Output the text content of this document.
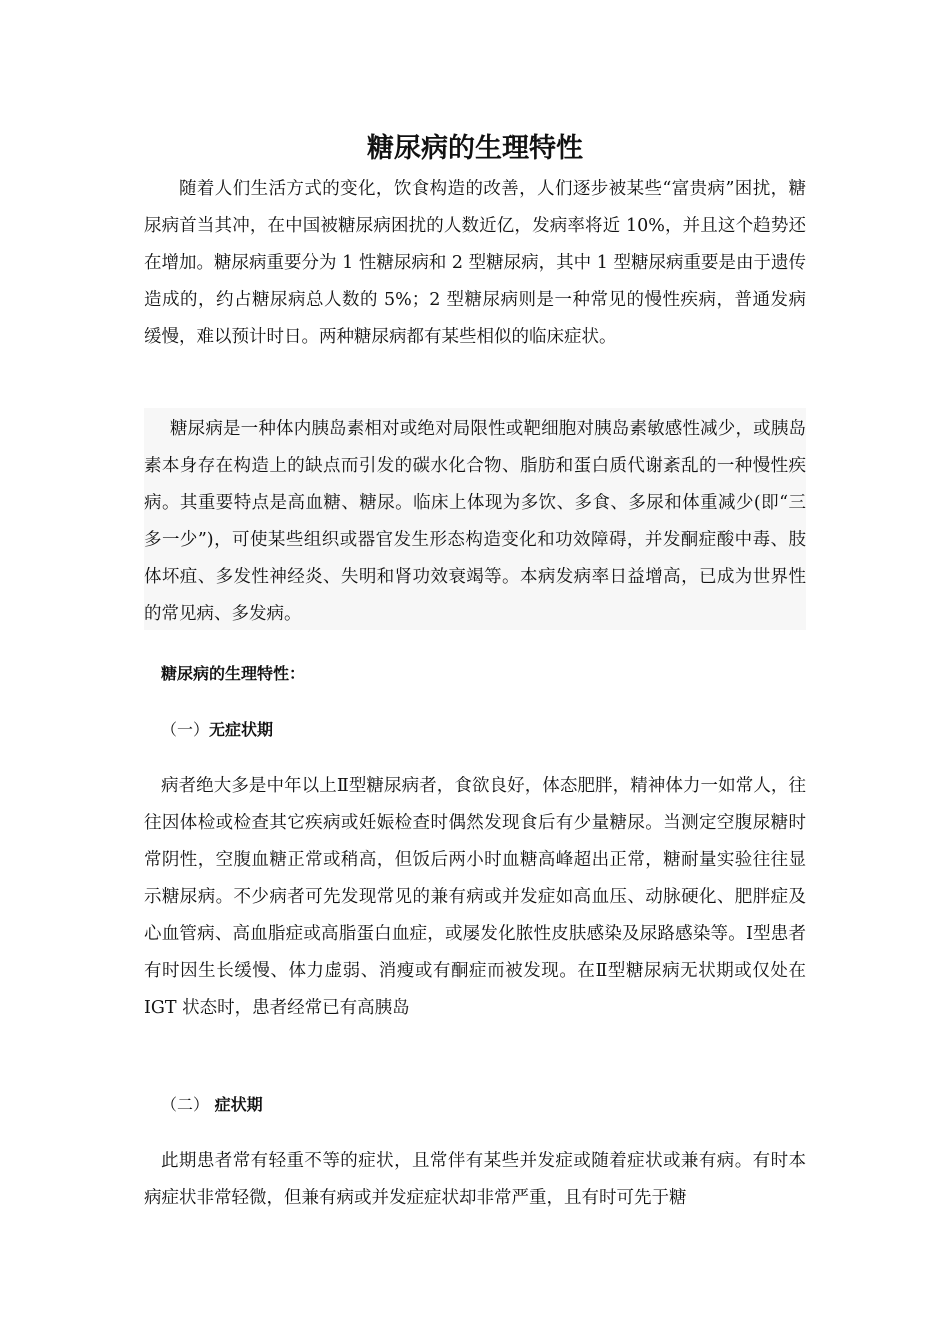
糖尿病的生理特性

随着人们生活方式的变化，饮食构造的改善，人们逐步被某些“富贵病”困扰，糖尿病首当其冲，在中国被糖尿病困扰的人数近亿，发病率将近 10%，并且这个趋势还在增加。糖尿病重要分为 1 性糖尿病和 2 型糖尿病，其中 1 型糖尿病重要是由于遗传造成的，约占糖尿病总人数的 5%；2 型糖尿病则是一种常见的慢性疾病，普通发病缓慢，难以预计时日。两种糖尿病都有某些相似的临床症状。

糖尿病是一种体内胰岛素相对或绝对局限性或靶细胞对胰岛素敏感性减少，或胰岛素本身存在构造上的缺点而引发的碳水化合物、脂肪和蛋白质代谢紊乱的一种慢性疾病。其重要特点是高血糖、糖尿。临床上体现为多饮、多食、多尿和体重减少(即“三多一少”)，可使某些组织或器官发生形态构造变化和功效障碍，并发酮症酸中毒、肢体坏疽、多发性神经炎、失明和肾功效衰竭等。本病发病率日益增高，已成为世界性的常见病、多发病。

糖尿病的生理特性：
（一）无症状期

病者绝大多是中年以上Ⅱ型糖尿病者，食欲良好，体态肥胖，精神体力一如常人，往往因体检或检查其它疾病或妊娠检查时偶然发现食后有少量糖尿。当测定空腹尿糖时常阴性，空腹血糖正常或稍高，但饭后两小时血糖高峰超出正常，糖耐量实验往往显示糖尿病。不少病者可先发现常见的兼有病或并发症如高血压、动脉硬化、肥胖症及心血管病、高血脂症或高脂蛋白血症，或屡发化脓性皮肤感染及尿路感染等。Ⅰ型患者有时因生长缓慢、体力虚弱、消瘦或有酮症而被发现。在Ⅱ型糖尿病无状期或仅处在 IGT 状态时，患者经常已有高胰岛

（二） 症状期

此期患者常有轻重不等的症状，且常伴有某些并发症或随着症状或兼有病。有时本病症状非常轻微，但兼有病或并发症症状却非常严重，且有时可先于糖
